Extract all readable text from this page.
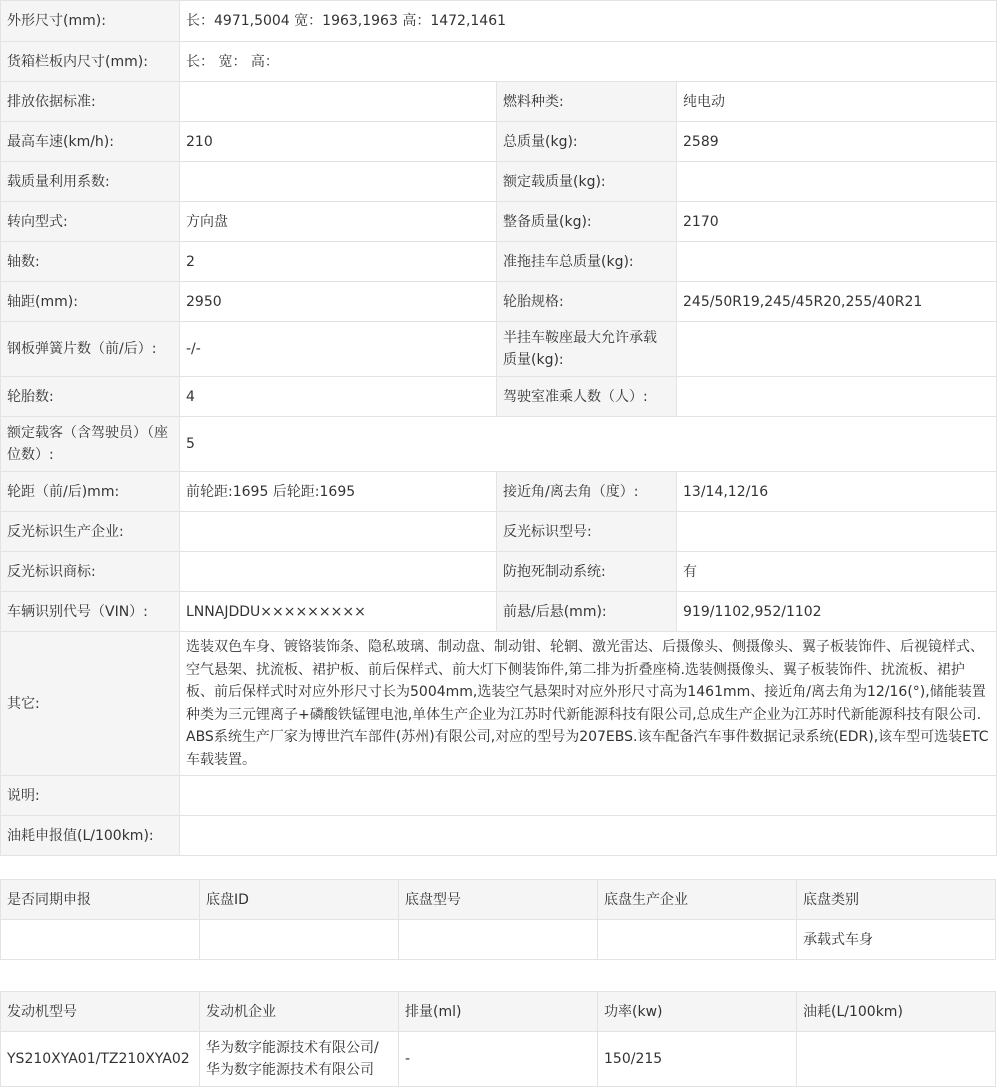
外形尺寸(mm):	长：4971,5004 宽：1963,1963 高：1472,1461		
货箱栏板内尺寸(mm):	长： 宽： 高：		
排放依据标准:		燃料种类:	纯电动
最高车速(km/h):	210	总质量(kg):	2589
载质量利用系数:		额定载质量(kg):	
转向型式:	方向盘	整备质量(kg):	2170
轴数:	2	准拖挂车总质量(kg):	
轴距(mm):	2950	轮胎规格:	245/50R19,245/45R20,255/40R21
钢板弹簧片数（前/后）:	-/-	半挂车鞍座最大允许承载质量(kg):	
轮胎数:	4	驾驶室准乘人数（人）:	
额定载客（含驾驶员）（座位数）:	5		
轮距（前/后)mm:	前轮距:1695 后轮距:1695	接近角/离去角（度）:	13/14,12/16
反光标识生产企业:		反光标识型号:	
反光标识商标:		防抱死制动系统:	有
车辆识别代号（VIN）:	LNNAJDDU×××××××××	前悬/后悬(mm):	919/1102,952/1102
其它:	选装双色车身、镀铬装饰条、隐私玻璃、制动盘、制动钳、轮辋、激光雷达、后摄像头、侧摄像头、翼子板装饰件、后视镜样式、空气悬架、扰流板、裙护板、前后保样式、前大灯下侧装饰件,第二排为折叠座椅.选装侧摄像头、翼子板装饰件、扰流板、裙护板、前后保样式时对应外形尺寸长为5004mm,选装空气悬架时对应外形尺寸高为1461mm、接近角/离去角为12/16(°),储能装置种类为三元锂离子+磷酸铁锰锂电池,单体生产企业为江苏时代新能源科技有限公司,总成生产企业为江苏时代新能源科技有限公司.ABS系统生产厂家为博世汽车部件(苏州)有限公司,对应的型号为207EBS.该车配备汽车事件数据记录系统(EDR),该车型可选装ETC车载装置。		
说明:			
油耗申报值(L/100km):			
是否同期申报	底盘ID	底盘型号	底盘生产企业	底盘类别
				承载式车身
发动机型号	发动机企业	排量(ml)	功率(kw)	油耗(L/100km)
YS210XYA01/TZ210XYA02	华为数字能源技术有限公司/华为数字能源技术有限公司	-	150/215	
